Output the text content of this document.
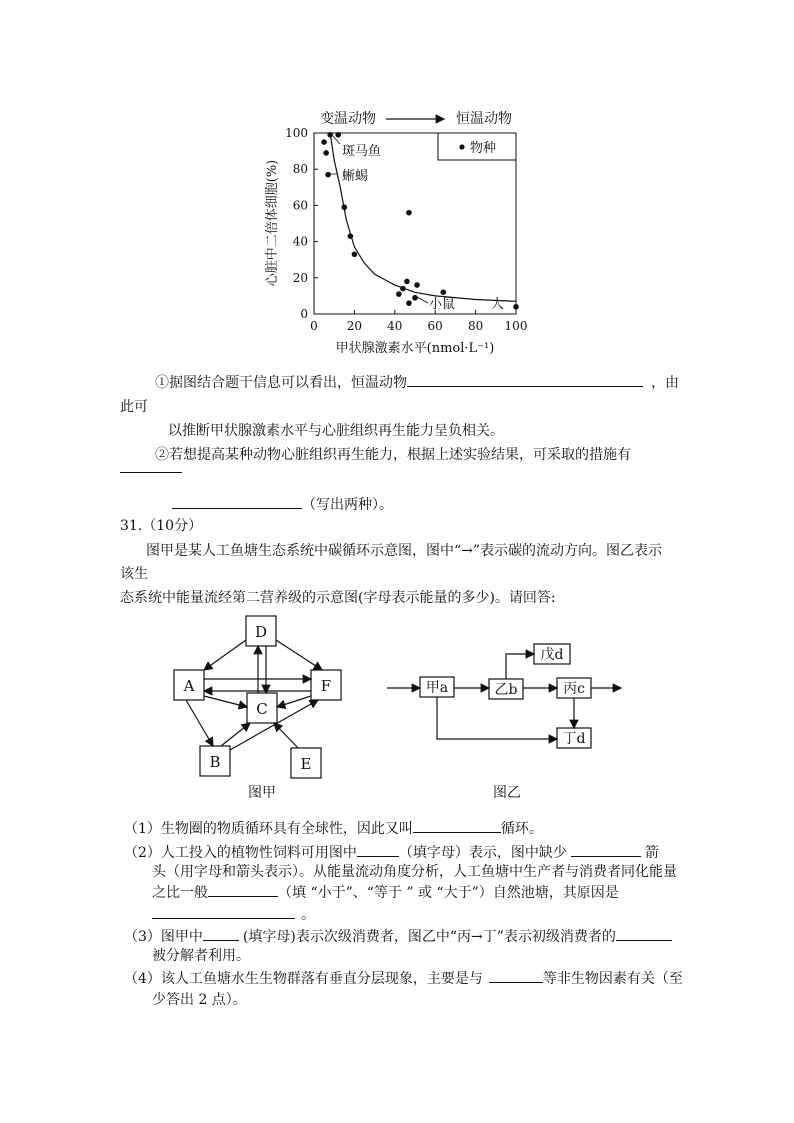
变温动物	恒温动物
物种
心脏中二倍体细胞(%)
甲状腺激素水平(nmol·L⁻¹)
0 20 40 60 80 100
0
20
40
60
80
100
斑马鱼
蜥蜴
小鼠	人
①据图结合题干信息可以看出，恒温动物	，由
此可
以推断甲状腺激素水平与心脏组织再生能力呈负相关。
②若想提高某种动物心脏组织再生能力，根据上述实验结果，可采取的措施有
（写出两种）。
31.（10分）
图甲是某人工鱼塘生态系统中碳循环示意图，图中“→”表示碳的流动方向。图乙表示
该生
态系统中能量流经第二营养级的示意图(字母表示能量的多少)。请回答:
D
A
C
F
B	E
图甲
甲a	乙b	丙c
戊d
丁d
图乙
（1）生物圈的物质循环具有全球性，因此又叫	循环。
（2）人工投入的植物性饲料可用图中	（填字母）表示，图中缺少	箭
头（用字母和箭头表示）。从能量流动角度分析，人工鱼塘中生产者与消费者同化能量
之比一般	（填 “小于”、“等于 ” 或 “大于”）自然池塘，其原因是
。
（3）图甲中	(填字母)表示次级消费者，图乙中“丙→丁”表示初级消费者的
被分解者利用。
（4）该人工鱼塘水生生物群落有垂直分层现象，主要是与	等非生物因素有关（至
少答出 2 点）。
